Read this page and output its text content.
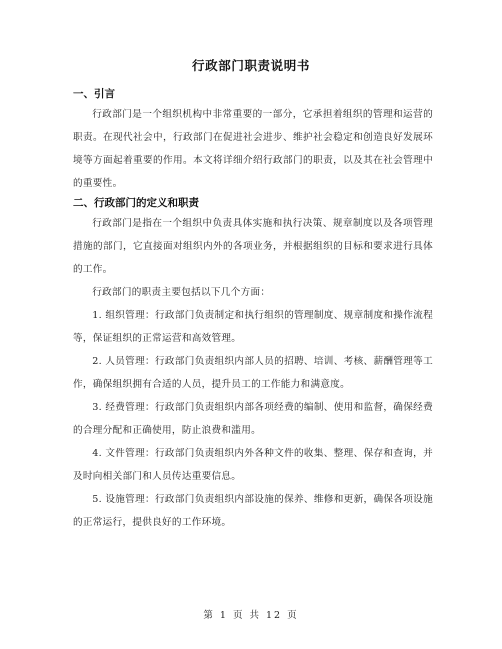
行政部门职责说明书

一、引言

行政部门是一个组织机构中非常重要的一部分，它承担着组织的管理和运营的职责。在现代社会中，行政部门在促进社会进步、维护社会稳定和创造良好发展环境等方面起着重要的作用。本文将详细介绍行政部门的职责，以及其在社会管理中的重要性。

二、行政部门的定义和职责

行政部门是指在一个组织中负责具体实施和执行决策、规章制度以及各项管理措施的部门，它直接面对组织内外的各项业务，并根据组织的目标和要求进行具体的工作。

行政部门的职责主要包括以下几个方面：

1. 组织管理：行政部门负责制定和执行组织的管理制度、规章制度和操作流程等，保证组织的正常运营和高效管理。

2. 人员管理：行政部门负责组织内部人员的招聘、培训、考核、薪酬管理等工作，确保组织拥有合适的人员，提升员工的工作能力和满意度。

3. 经费管理：行政部门负责组织内部各项经费的编制、使用和监督，确保经费的合理分配和正确使用，防止浪费和滥用。

4. 文件管理：行政部门负责组织内外各种文件的收集、整理、保存和查询，并及时向相关部门和人员传达重要信息。

5. 设施管理：行政部门负责组织内部设施的保养、维修和更新，确保各项设施的正常运行，提供良好的工作环境。

第 1 页 共 12 页
